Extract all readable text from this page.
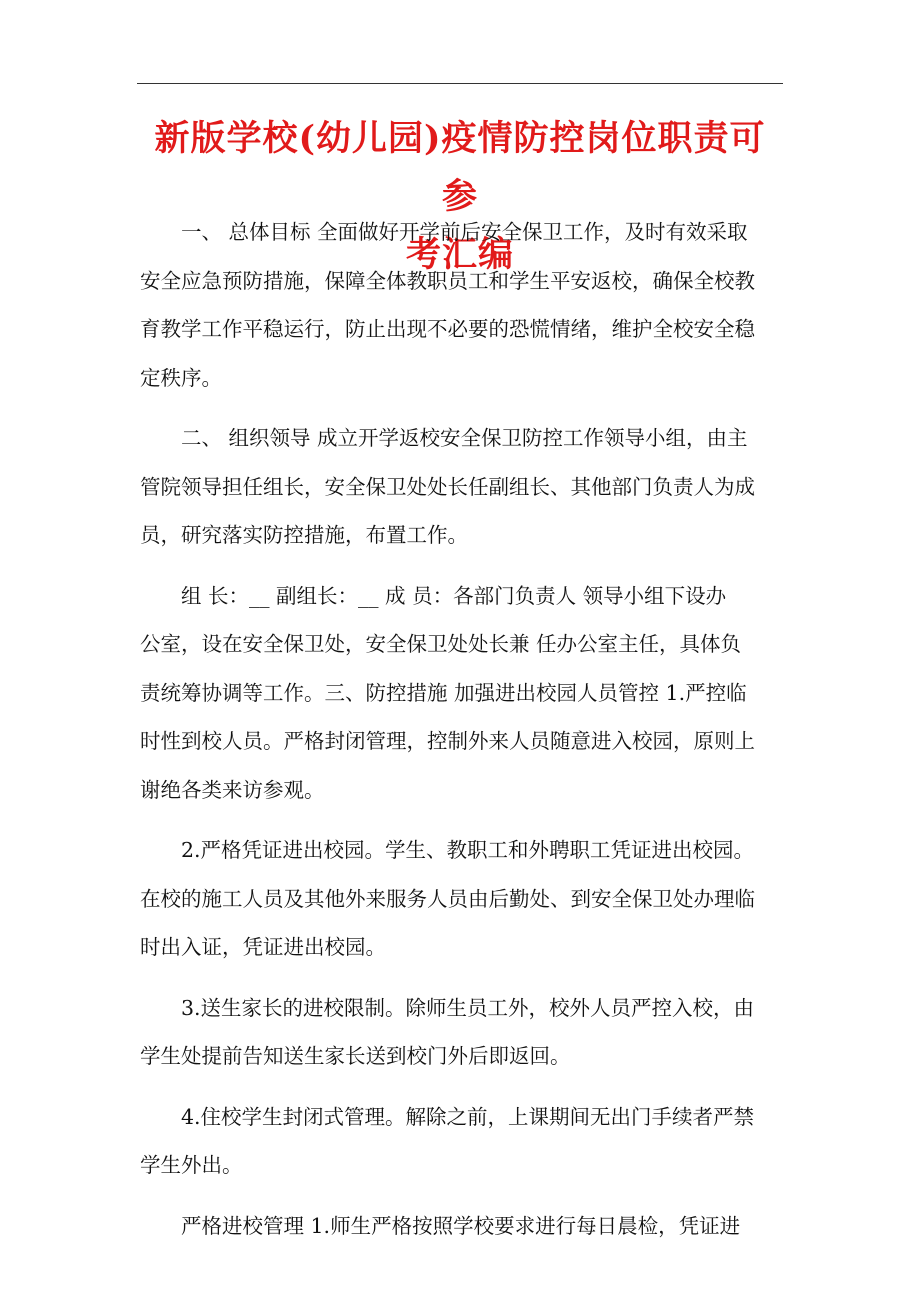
新版学校(幼儿园)疫情防控岗位职责可参
考汇编
一、 总体目标 全面做好开学前后安全保卫工作，及时有效采取
安全应急预防措施，保障全体教职员工和学生平安返校，确保全校教
育教学工作平稳运行，防止出现不必要的恐慌情绪，维护全校安全稳
定秩序。
二、 组织领导 成立开学返校安全保卫防控工作领导小组，由主
管院领导担任组长，安全保卫处处长任副组长、其他部门负责人为成
员，研究落实防控措施，布置工作。
组 长：__ 副组长：__ 成 员：各部门负责人 领导小组下设办
公室，设在安全保卫处，安全保卫处处长兼 任办公室主任，具体负
责统筹协调等工作。三、防控措施 加强进出校园人员管控 1.严控临
时性到校人员。严格封闭管理，控制外来人员随意进入校园，原则上
谢绝各类来访参观。
2.严格凭证进出校园。学生、教职工和外聘职工凭证进出校园。
在校的施工人员及其他外来服务人员由后勤处、到安全保卫处办理临
时出入证，凭证进出校园。
3.送生家长的进校限制。除师生员工外，校外人员严控入校，由
学生处提前告知送生家长送到校门外后即返回。
4.住校学生封闭式管理。解除之前，上课期间无出门手续者严禁
学生外出。
严格进校管理 1.师生严格按照学校要求进行每日晨检，凭证进
